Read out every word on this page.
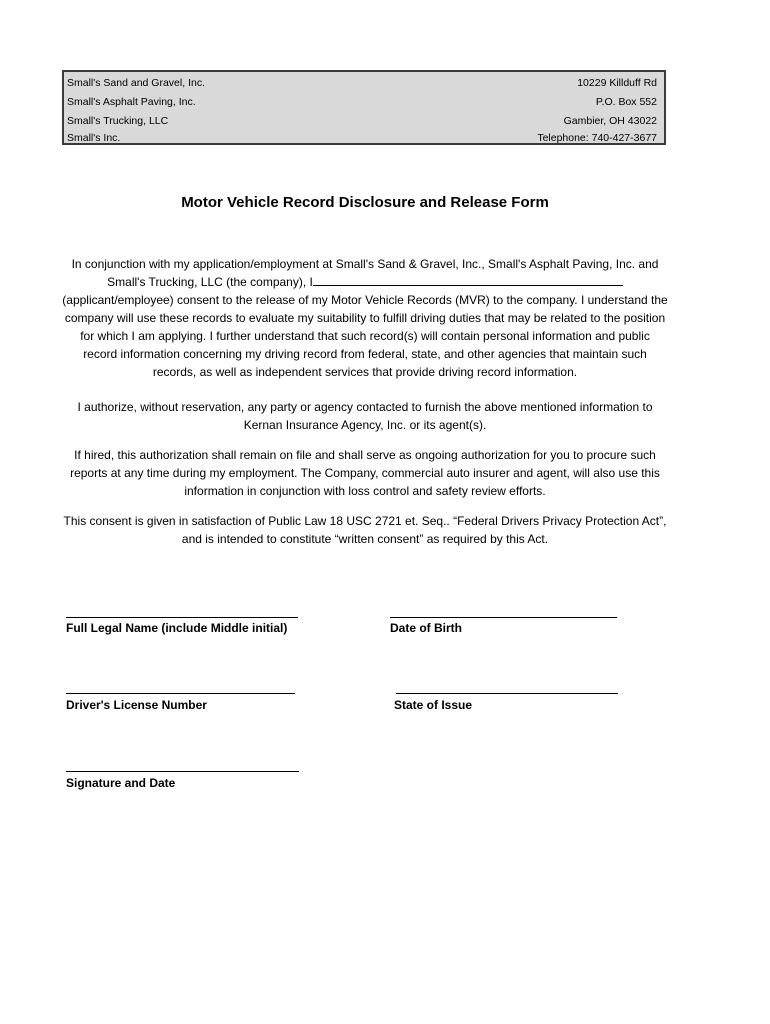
Small's Sand and Gravel, Inc.	10229 Killduff Rd
Small's Asphalt Paving, Inc.	P.O. Box 552
Small's Trucking, LLC	Gambier, OH 43022
Small's Inc.	Telephone: 740-427-3677
Motor Vehicle Record Disclosure and Release Form
In conjunction with my application/employment at Small's Sand & Gravel, Inc., Small's Asphalt Paving, Inc. and Small's Trucking, LLC (the company), I (applicant/employee) consent to the release of my Motor Vehicle Records (MVR) to the company. I understand the company will use these records to evaluate my suitability to fulfill driving duties that may be related to the position for which I am applying. I further understand that such record(s) will contain personal information and public record information concerning my driving record from federal, state, and other agencies that maintain such records, as well as independent services that provide driving record information.
I authorize, without reservation, any party or agency contacted to furnish the above mentioned information to Kernan Insurance Agency, Inc. or its agent(s).
If hired, this authorization shall remain on file and shall serve as ongoing authorization for you to procure such reports at any time during my employment. The Company, commercial auto insurer and agent, will also use this information in conjunction with loss control and safety review efforts.
This consent is given in satisfaction of Public Law 18 USC 2721 et. Seq.. “Federal Drivers Privacy Protection Act”, and is intended to constitute “written consent” as required by this Act.
Full Legal Name (include Middle initial)	Date of Birth
Driver's License Number	State of Issue
Signature and Date
